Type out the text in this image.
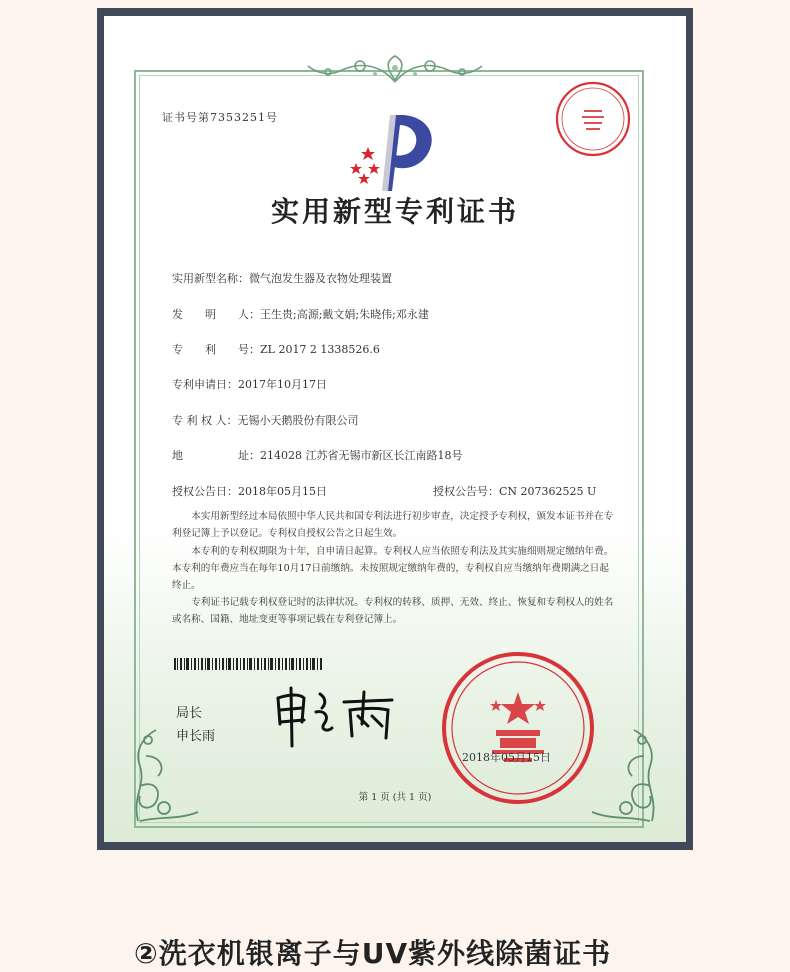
证书号第7353251号
实用新型专利证书
实用新型名称：微气泡发生器及衣物处理装置
发　　明　　人：王生贵;高源;戴文娟;朱晓伟;邓永建
专　　利　　号：ZL 2017 2 1338526.6
专利申请日：2017年10月17日
专 利 权 人：无锡小天鹅股份有限公司
地　　　　　址：214028 江苏省无锡市新区长江南路18号
授权公告日：2018年05月15日	授权公告号：CN 207362525 U

本实用新型经过本局依照中华人民共和国专利法进行初步审查，决定授予专利权，颁发本证书并在专利登记簿上予以登记。专利权自授权公告之日起生效。

本专利的专利权期限为十年，自申请日起算。专利权人应当依照专利法及其实施细则规定缴纳年费。本专利的年费应当在每年10月17日前缴纳。未按照规定缴纳年费的，专利权自应当缴纳年费期满之日起终止。

专利证书记载专利权登记时的法律状况。专利权的转移、质押、无效、终止、恢复和专利权人的姓名或名称、国籍、地址变更等事项记载在专利登记簿上。

局长
申长雨
2018年05月15日
第 1 页 (共 1 页)
②洗衣机银离子与UV紫外线除菌证书
